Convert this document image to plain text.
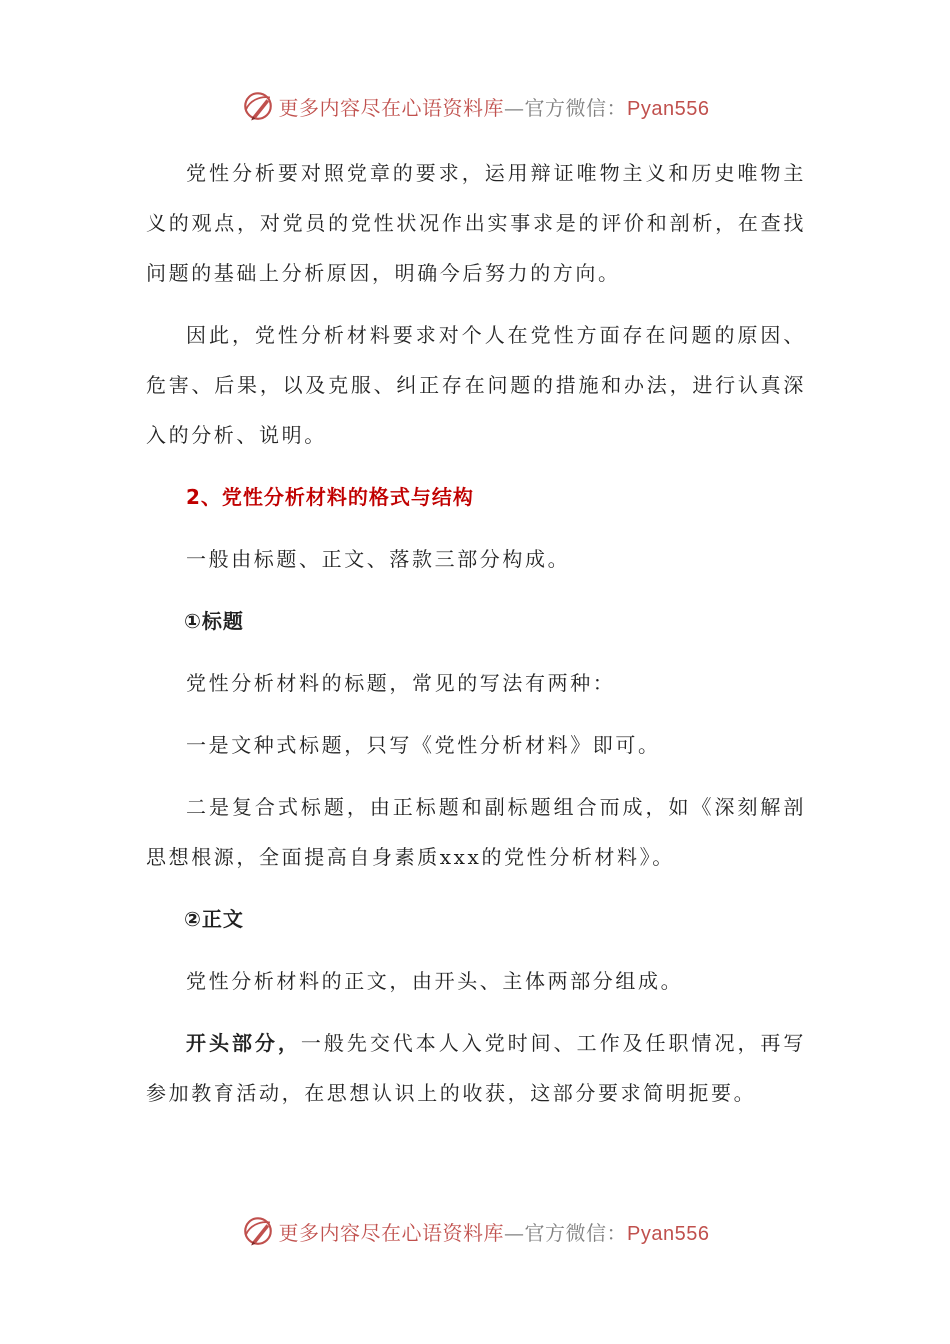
更多内容尽在心语资料库—官方微信：Pyan556

党性分析要对照党章的要求，运用辩证唯物主义和历史唯物主义的观点，对党员的党性状况作出实事求是的评价和剖析，在查找问题的基础上分析原因，明确今后努力的方向。

因此，党性分析材料要求对个人在党性方面存在问题的原因、危害、后果，以及克服、纠正存在问题的措施和办法，进行认真深入的分析、说明。

2、党性分析材料的格式与结构

一般由标题、正文、落款三部分构成。

①标题

党性分析材料的标题，常见的写法有两种：

一是文种式标题，只写《党性分析材料》即可。

二是复合式标题，由正标题和副标题组合而成，如《深刻解剖思想根源，全面提高自身素质xxx的党性分析材料》。

②正文

党性分析材料的正文，由开头、主体两部分组成。

开头部分，一般先交代本人入党时间、工作及任职情况，再写参加教育活动，在思想认识上的收获，这部分要求简明扼要。

更多内容尽在心语资料库—官方微信：Pyan556
